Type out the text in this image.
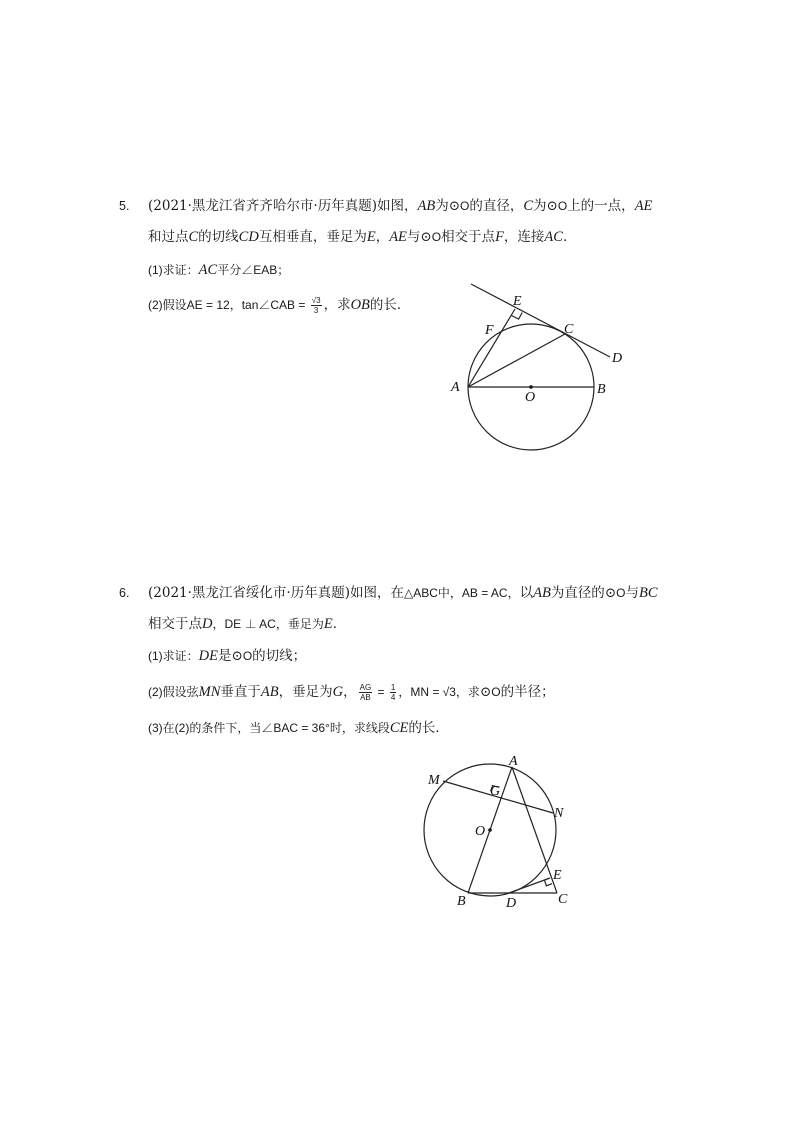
5. (2021·黑龙江省齐齐哈尔市·历年真题)如图，AB为⊙O的直径，C为⊙O上的一点，AE
和过点C的切线CD互相垂直，垂足为E，AE与⊙O相交于点F，连接AC．
(1)求证：AC平分∠EAB；
(2)假设AE = 12，tan∠CAB = $\frac{√3}{3}$ ，求OB的长．
A	B
C
D
E
F
O
6. (2021·黑龙江省绥化市·历年真题)如图，在△ABC中，AB = AC，以AB为直径的⊙O与BC
相交于点D，DE ⊥ AC，垂足为E．
(1)求证：DE是⊙O的切线；
(2)假设弦MN垂直于AB，垂足为G， $\frac{AG}{AB} = \frac{1}{4}$ ，MN = √3，求⊙O的半径；
(3)在(2)的条件下，当∠BAC = 36°时，求线段CE的长．
A
B	C
D
E
G
M
N
O
